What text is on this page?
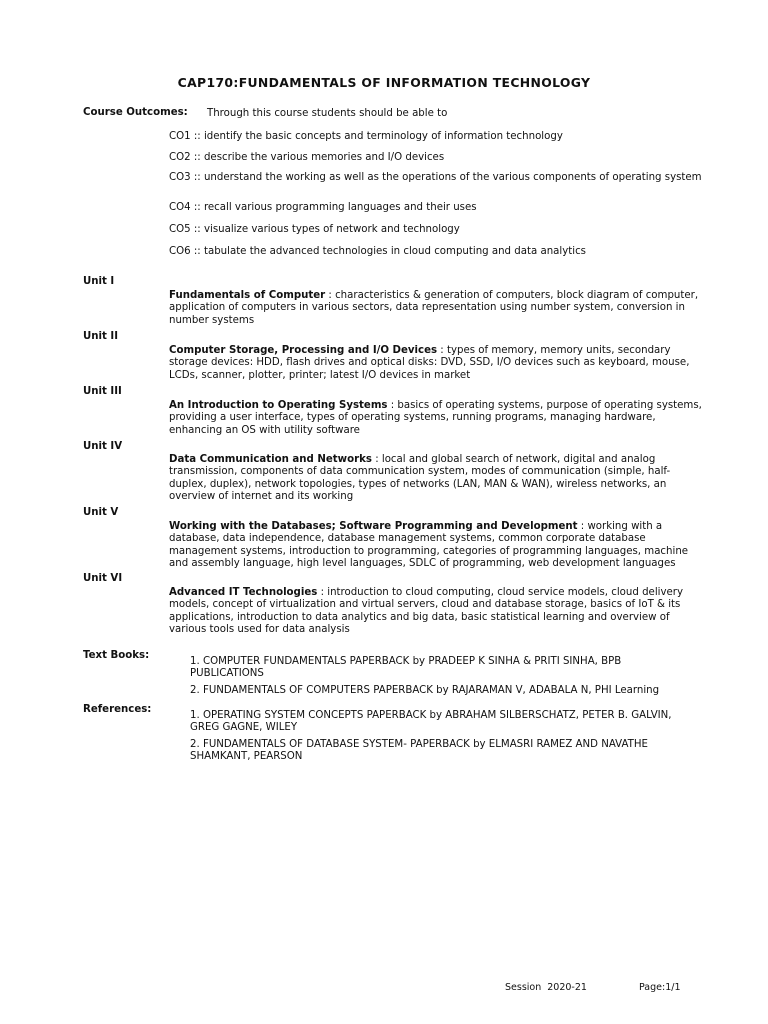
CAP170:FUNDAMENTALS OF INFORMATION TECHNOLOGY
Course Outcomes: Through this course students should be able to
CO1 :: identify the basic concepts and terminology of information technology
CO2 :: describe the various memories and I/O devices
CO3 :: understand the working as well as the operations of the various components of operating system
CO4 :: recall various programming languages and their uses
CO5 :: visualize various types of network and technology
CO6 :: tabulate the advanced technologies in cloud computing and data analytics
Unit I
Fundamentals of Computer : characteristics & generation of computers, block diagram of computer, application of computers in various sectors, data representation using number system, conversion in number systems
Unit II
Computer Storage, Processing and I/O Devices : types of memory, memory units, secondary storage devices: HDD, flash drives and optical disks: DVD, SSD, I/O devices such as keyboard, mouse, LCDs, scanner, plotter, printer; latest I/O devices in market
Unit III
An Introduction to Operating Systems : basics of operating systems, purpose of operating systems, providing a user interface, types of operating systems, running programs, managing hardware, enhancing an OS with utility software
Unit IV
Data Communication and Networks : local and global search of network, digital and analog transmission, components of data communication system, modes of communication (simple, half-duplex, duplex), network topologies, types of networks (LAN, MAN & WAN), wireless networks, an overview of internet and its working
Unit V
Working with the Databases; Software Programming and Development : working with a database, data independence, database management systems, common corporate database management systems, introduction to programming, categories of programming languages, machine and assembly language, high level languages, SDLC of programming, web development languages
Unit VI
Advanced IT Technologies : introduction to cloud computing, cloud service models, cloud delivery models, concept of virtualization and virtual servers, cloud and database storage, basics of IoT & its applications, introduction to data analytics and big data, basic statistical learning and overview of various tools used for data analysis
Text Books:
1. COMPUTER FUNDAMENTALS PAPERBACK by PRADEEP K SINHA & PRITI SINHA, BPB PUBLICATIONS
2. FUNDAMENTALS OF COMPUTERS PAPERBACK by RAJARAMAN V, ADABALA N, PHI Learning
References:
1. OPERATING SYSTEM CONCEPTS PAPERBACK by ABRAHAM SILBERSCHATZ, PETER B. GALVIN, GREG GAGNE, WILEY
2. FUNDAMENTALS OF DATABASE SYSTEM- PAPERBACK by ELMASRI RAMEZ AND NAVATHE SHAMKANT, PEARSON
Session 2020-21	Page:1/1
